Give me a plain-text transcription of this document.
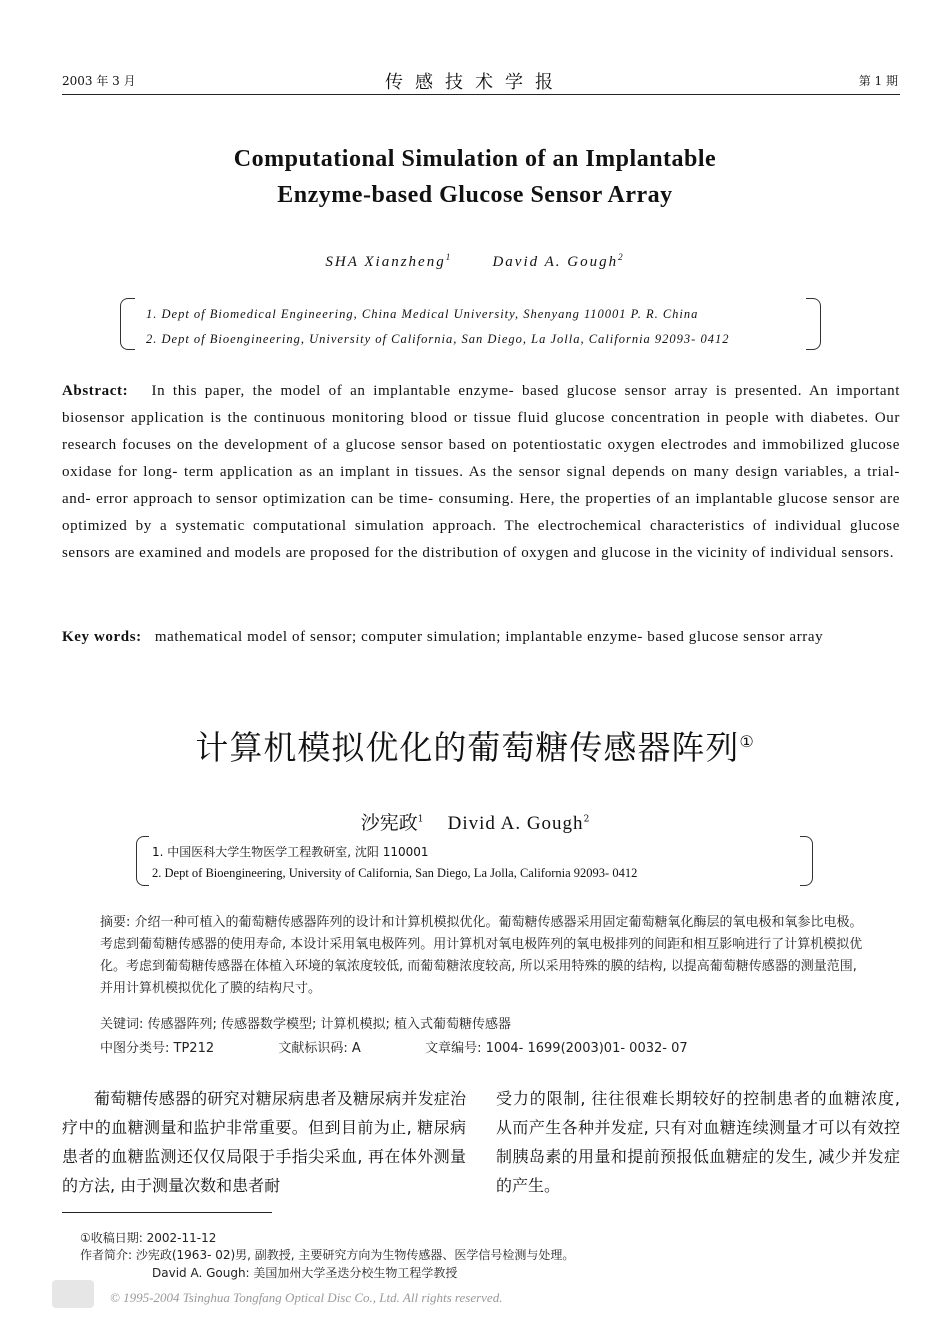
2003 年 3 月	传感技术学报	第 1 期
Computational Simulation of an Implantable
Enzyme-based Glucose Sensor Array
SHA Xianzheng$^1$	David A. Gough$^2$
1. Dept of Biomedical Engineering, China Medical University, Shenyang 110001 P. R. China
2. Dept of Bioengineering, University of California, San Diego, La Jolla, California 92093- 0412
Abstract: In this paper, the model of an implantable enzyme- based glucose sensor array is presented. An important biosensor application is the continuous monitoring blood or tissue fluid glucose concentration in people with diabetes. Our research focuses on the development of a glucose sensor based on potentiostatic oxygen electrodes and immobilized glucose oxidase for long- term application as an implant in tissues. As the sensor signal depends on many design variables, a trial- and- error approach to sensor optimization can be time- consuming. Here, the properties of an implantable glucose sensor are optimized by a systematic computational simulation approach. The electrochemical characteristics of individual glucose sensors are examined and models are proposed for the distribution of oxygen and glucose in the vicinity of individual sensors.
Key words: mathematical model of sensor; computer simulation; implantable enzyme- based glucose sensor array
计算机模拟优化的葡萄糖传感器阵列①
沙宪政$^1$ Divid A. Gough$^2$
1. 中国医科大学生物医学工程教研室, 沈阳 110001
2. Dept of Bioengineering, University of California, San Diego, La Jolla, California 92093- 0412
摘要: 介绍一种可植入的葡萄糖传感器阵列的设计和计算机模拟优化。葡萄糖传感器采用固定葡萄糖氧化酶层的氧电极和氧参比电极。考虑到葡萄糖传感器的使用寿命, 本设计采用氧电极阵列。用计算机对氧电极阵列的氧电极排列的间距和相互影响进行了计算机模拟优化。考虑到葡萄糖传感器在体植入环境的氧浓度较低, 而葡萄糖浓度较高, 所以采用特殊的膜的结构, 以提高葡萄糖传感器的测量范围, 并用计算机模拟优化了膜的结构尺寸。
关键词: 传感器阵列; 传感器数学模型; 计算机模拟; 植入式葡萄糖传感器
中图分类号: TP212	文献标识码: A	文章编号: 1004- 1699(2003)01- 0032- 07
葡萄糖传感器的研究对糖尿病患者及糖尿病并发症治疗中的血糖测量和监护非常重要。但到目前为止, 糖尿病患者的血糖监测还仅仅局限于手指尖采血, 再在体外测量的方法, 由于测量次数和患者耐
受力的限制, 往往很难长期较好的控制患者的血糖浓度, 从而产生各种并发症, 只有对血糖连续测量才可以有效控制胰岛素的用量和提前预报低血糖症的发生, 减少并发症的产生。
①收稿日期: 2002-11-12
作者简介: 沙宪政(1963- 02)男, 副教授, 主要研究方向为生物传感器、医学信号检测与处理。
David A. Gough: 美国加州大学圣迭分校生物工程学教授
© 1995-2004 Tsinghua Tongfang Optical Disc Co., Ltd. All rights reserved.
